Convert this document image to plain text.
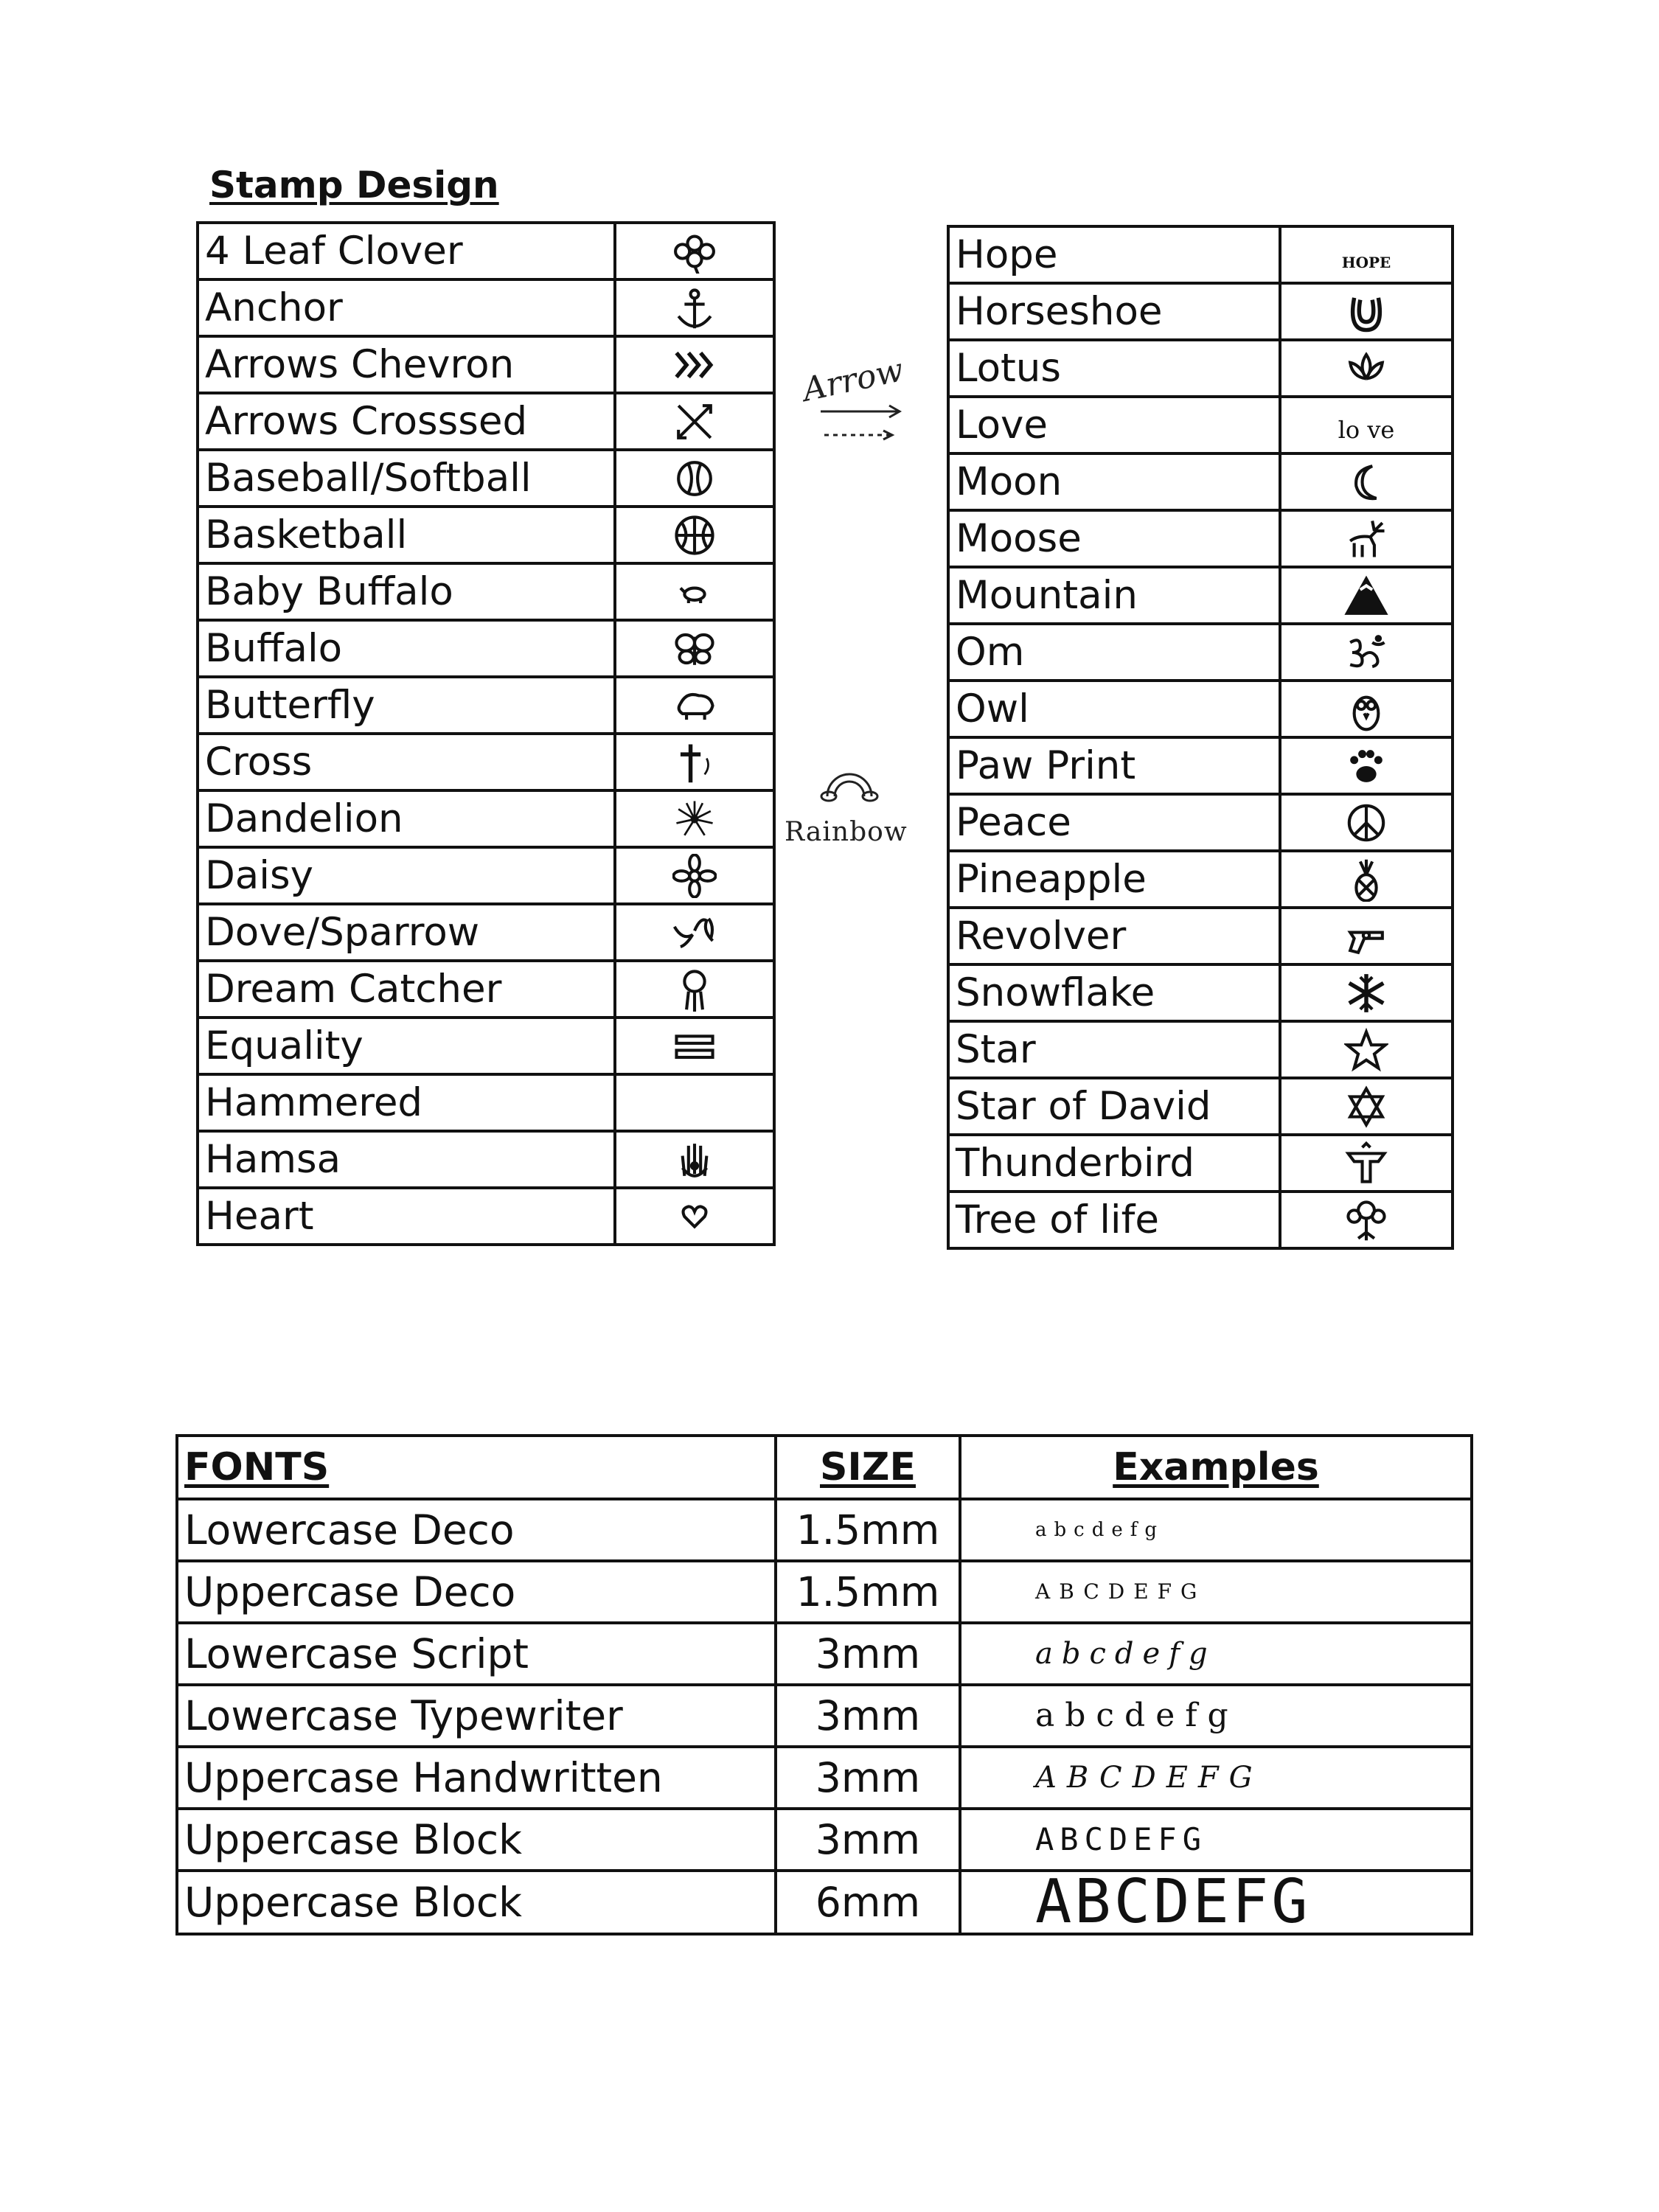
Stamp Design
4 Leaf Clover	

Anchor	

Arrows Chevron	

Arrows Crosssed	

Baseball/Softball	

Basketball	

Baby Buffalo	

Buffalo	

Butterfly	

Cross	

Dandelion	

Daisy	

Dove/Sparrow	

Dream Catcher	

Equality	

Hammered	
Hamsa	

Heart	
Hope	HOPE
Horseshoe	

Lotus	

Love	lo ve
Moon	

Moose	

Mountain	

Om	

Owl	

Paw Print	

Peace	

Pineapple	

Revolver	

Snowflake	

Star	

Star of David	

Thunderbird	

Tree of life	
Arrow
Rainbow
FONTS	SIZE	Examples
Lowercase Deco	1.5mm	abcdefg
Uppercase Deco	1.5mm	ABCDEFG
Lowercase Script	3mm	abcdefg
Lowercase Typewriter	3mm	abcdefg
Uppercase Handwritten	3mm	ABCDEFG
Uppercase Block	3mm	ABCDEFG
Uppercase Block	6mm	ABCDEFG
